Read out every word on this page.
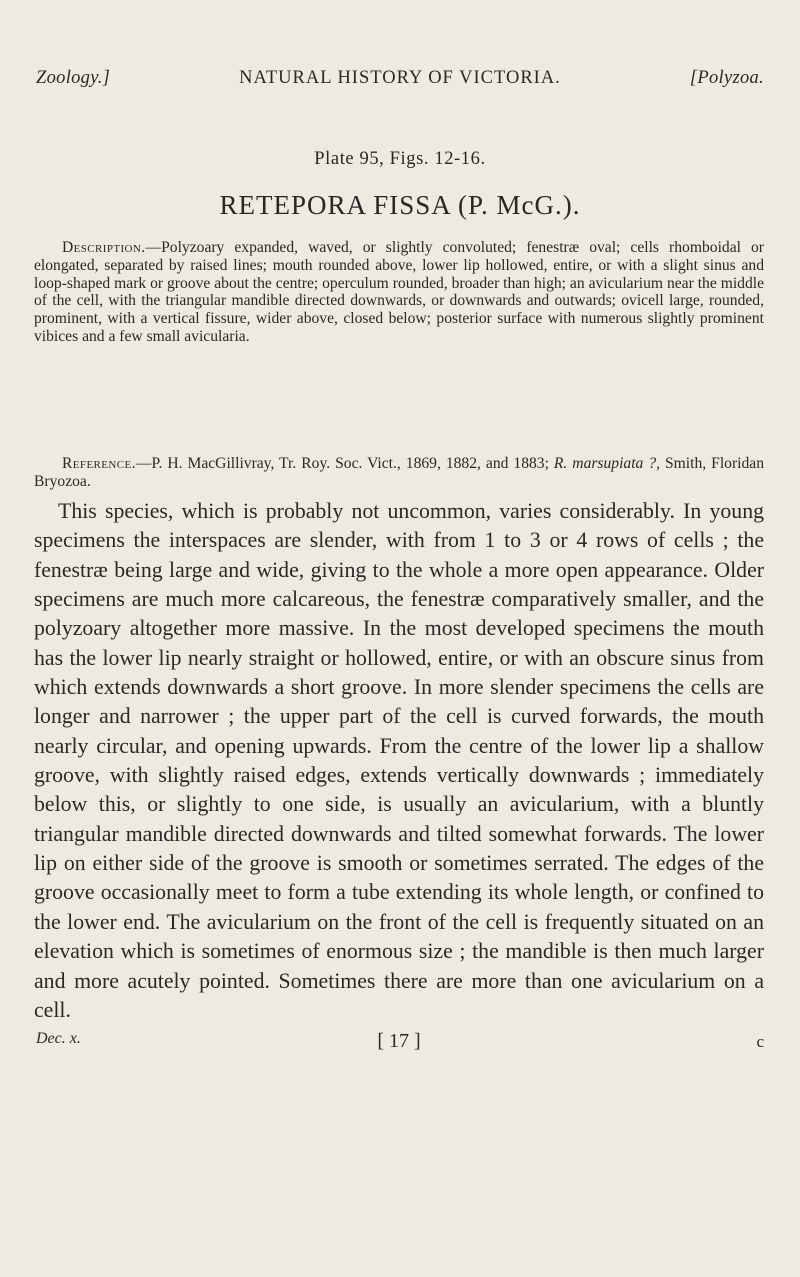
Zoology.]	NATURAL HISTORY OF VICTORIA.	[Polyzoa.
Plate 95, Figs. 12-16.
RETEPORA FISSA (P. McG.).

Description.—Polyzoary expanded, waved, or slightly convoluted; fenestræ oval; cells rhomboidal or elongated, separated by raised lines; mouth rounded above, lower lip hollowed, entire, or with a slight sinus and loop-shaped mark or groove about the centre; operculum rounded, broader than high; an avicularium near the middle of the cell, with the triangular mandible directed downwards, or downwards and outwards; ovicell large, rounded, prominent, with a vertical fissure, wider above, closed below; posterior surface with numerous slightly prominent vibices and a few small avicularia.

Reference.—P. H. MacGillivray, Tr. Roy. Soc. Vict., 1869, 1882, and 1883; R. marsupiata ?, Smith, Floridan Bryozoa.

This species, which is probably not uncommon, varies considerably. In young specimens the interspaces are slender, with from 1 to 3 or 4 rows of cells ; the fenestræ being large and wide, giving to the whole a more open appearance. Older specimens are much more calcareous, the fenestræ comparatively smaller, and the polyzoary altogether more massive. In the most developed specimens the mouth has the lower lip nearly straight or hollowed, entire, or with an obscure sinus from which extends downwards a short groove. In more slender specimens the cells are longer and narrower ; the upper part of the cell is curved forwards, the mouth nearly circular, and opening upwards. From the centre of the lower lip a shallow groove, with slightly raised edges, extends vertically downwards ; immediately below this, or slightly to one side, is usually an avicularium, with a bluntly triangular mandible directed downwards and tilted somewhat forwards. The lower lip on either side of the groove is smooth or sometimes serrated. The edges of the groove occasionally meet to form a tube extending its whole length, or confined to the lower end. The avicularium on the front of the cell is frequently situated on an elevation which is sometimes of enormous size ; the mandible is then much larger and more acutely pointed. Sometimes there are more than one avicularium on a cell.

Dec. x.	[ 17 ]	c
